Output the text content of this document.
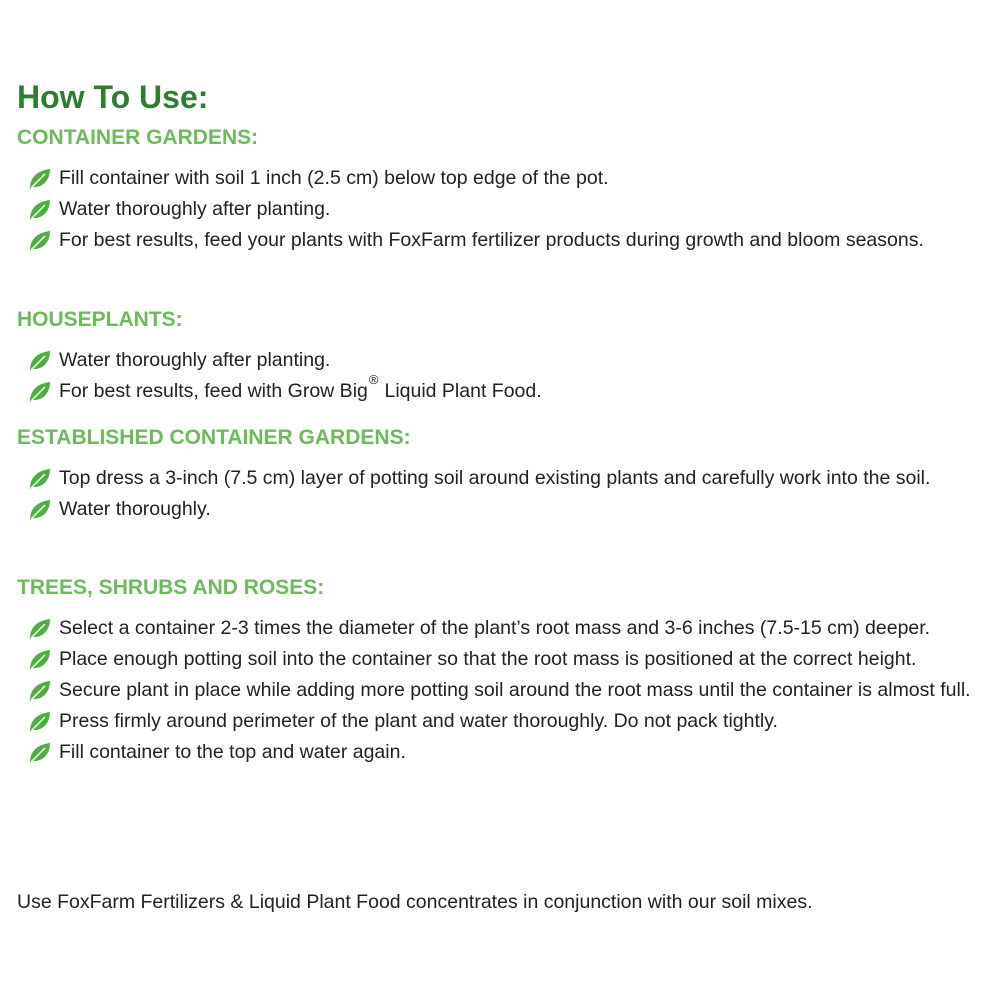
How To Use:
CONTAINER GARDENS:
Fill container with soil 1 inch (2.5 cm) below top edge of the pot.
Water thoroughly after planting.
For best results, feed your plants with FoxFarm fertilizer products during growth and bloom seasons.
HOUSEPLANTS:
Water thoroughly after planting.
For best results, feed with Grow Big®Liquid Plant Food.
ESTABLISHED CONTAINER GARDENS:
Top dress a 3-inch (7.5 cm) layer of potting soil around existing plants and carefully work into the soil.
Water thoroughly.
TREES, SHRUBS AND ROSES:
Select a container 2-3 times the diameter of the plant’s root mass and 3-6 inches (7.5-15 cm) deeper.
Place enough potting soil into the container so that the root mass is positioned at the correct height.
Secure plant in place while adding more potting soil around the root mass until the container is almost full.
Press firmly around perimeter of the plant and water thoroughly. Do not pack tightly.
Fill container to the top and water again.

Use FoxFarm Fertilizers & Liquid Plant Food concentrates in conjunction with our soil mixes.
